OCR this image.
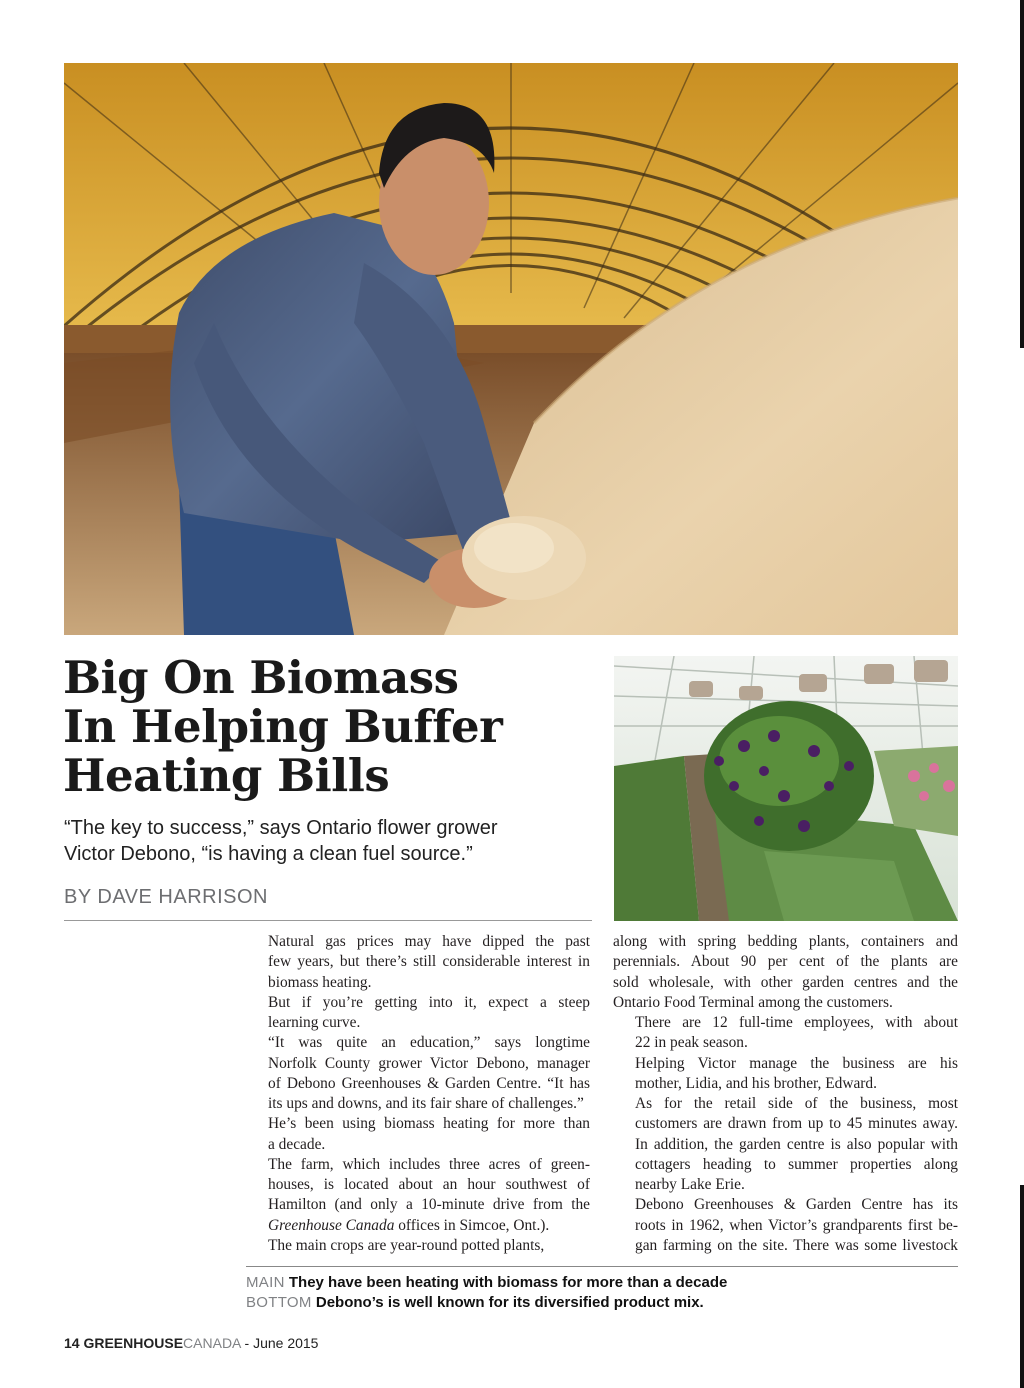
Big On Biomass
In Helping Buffer
Heating Bills
“The key to success,” says Ontario flower grower
Victor Debono, “is having a clean fuel source.”
BY DAVE HARRISON

Natural gas prices may have dipped the past
few years, but there’s still considerable interest in
biomass heating.

But if you’re getting into it, expect a steep
learning curve.

“It was quite an education,” says longtime
Norfolk County grower Victor Debono, manager
of Debono Greenhouses & Garden Centre. “It has
its ups and downs, and its fair share of challenges.”

He’s been using biomass heating for more than
a decade.

The farm, which includes three acres of green-
houses, is located about an hour southwest of
Hamilton (and only a 10-minute drive from the
Greenhouse Canada offices in Simcoe, Ont.).

The main crops are year-round potted plants,

along with spring bedding plants, containers and
perennials. About 90 per cent of the plants are
sold wholesale, with other garden centres and the
Ontario Food Terminal among the customers.

There are 12 full-time employees, with about
22 in peak season.

Helping Victor manage the business are his
mother, Lidia, and his brother, Edward.

As for the retail side of the business, most
customers are drawn from up to 45 minutes away.
In addition, the garden centre is also popular with
cottagers heading to summer properties along
nearby Lake Erie.

Debono Greenhouses & Garden Centre has its
roots in 1962, when Victor’s grandparents first be-
gan farming on the site. There was some livestock

MAIN They have been heating with biomass for more than a decade
BOTTOM Debono’s is well known for its diversified product mix.
14 GREENHOUSECANADA - June 2015
